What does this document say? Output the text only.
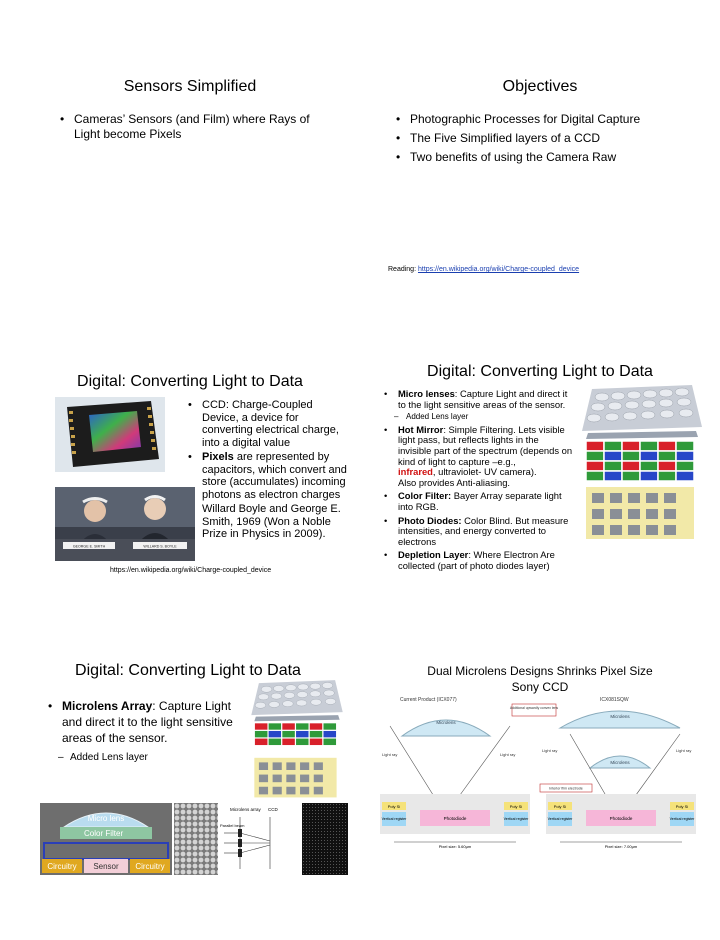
Sensors Simplified
• Cameras’ Sensors (and Film) where Rays of Light become Pixels
Objectives
• Photographic Processes for Digital Capture
• The Five Simplified layers of a CCD
• Two benefits of using the Camera Raw
Reading: https://en.wikipedia.org/wiki/Charge-coupled_device
Digital: Converting Light to Data
• CCD: Charge-Coupled Device, a device for converting electrical charge, into a digital value
• Pixels are represented by capacitors, which convert and store (accumulates) incoming photons as electron charges
• Willard Boyle and George E. Smith, 1969 (Won a Noble Prize in Physics in 2009).
GEORGE E. SMITH	WILLARD S. BOYLE
https://en.wikipedia.org/wiki/Charge-coupled_device
Digital: Converting Light to Data
• Micro lenses: Capture Light and direct it to the light sensitive areas of the sensor.
– Added Lens layer
• Hot Mirror: Simple Filtering. Lets visible light pass, but reflects lights in the invisible part of the spectrum (depends on kind of light to capture –e.g.,
infrared, ultraviolet- UV camera).
Also provides Anti-aliasing.
• Color Filter: Bayer Array separate light into RGB.
• Photo Diodes: Color Blind. But measure intensities, and energy converted to electrons
• Depletion Layer: Where Electron Are collected (part of photo diodes layer)
Digital: Converting Light to Data
• Microlens Array: Capture Light and direct it to the light sensitive areas of the sensor.
– Added Lens layer
Micro lens
Color Filter
Circuitry Sensor Circuitry
Microlens array CCD
Parallel beam
Dual Microlens Designs Shrinks Pixel Size
Sony CCD
Current Product (ICX077)
Microlens
Light ray	Light ray
Poly Si	Poly Si
Vertical register	Vertical register
Photodiode
Pixel size: 5.60µm
ICX081SQW
Microlens
Additional upwardly convex lens
Microlens
Light ray	Light ray
Interior film electrode
Poly Si	Poly Si
Vertical register	Vertical register
Photodiode
Pixel size: 7.00µm
